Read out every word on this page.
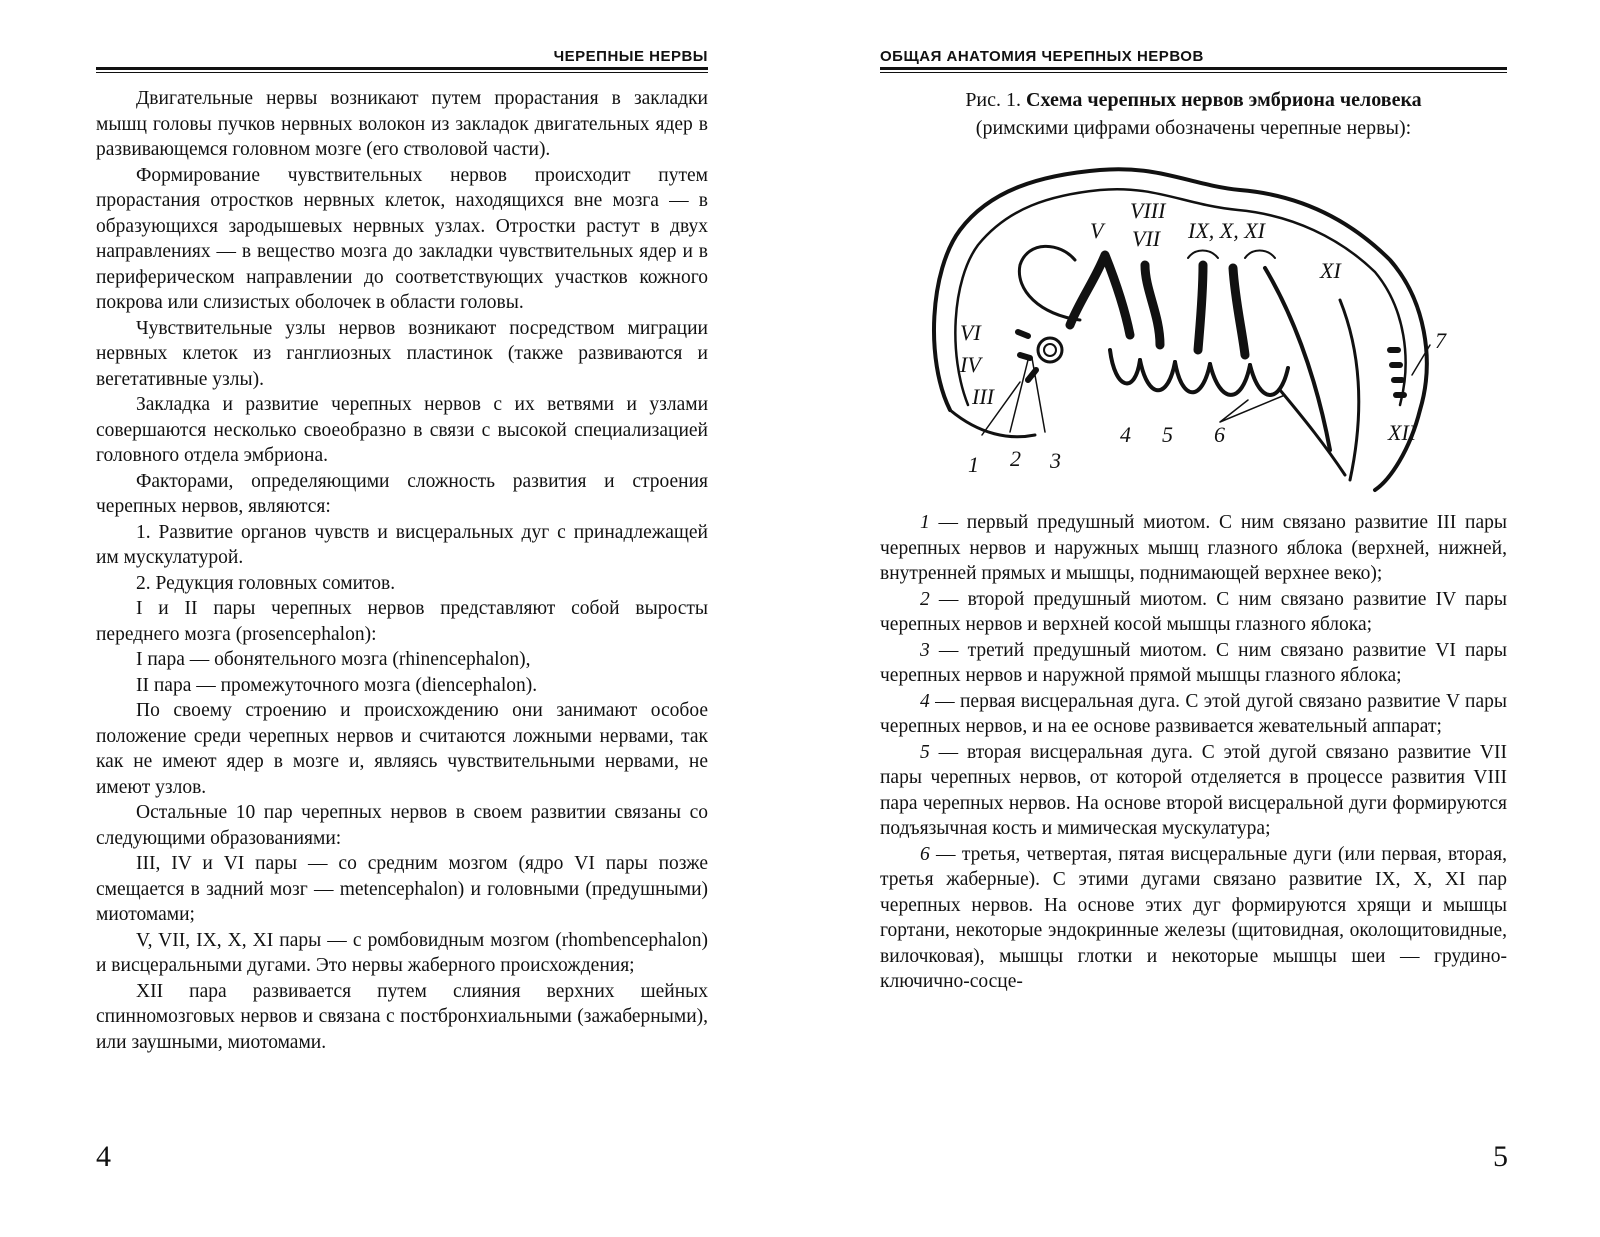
ЧЕРЕПНЫЕ НЕРВЫ

Двигательные нервы возникают путем прорастания в закладки мышц головы пучков нервных волокон из закладок двигательных ядер в развивающемся головном мозге (его стволовой части).

Формирование чувствительных нервов происходит путем прорастания отростков нервных клеток, находящихся вне мозга — в образующихся зародышевых нервных узлах. Отростки растут в двух направлениях — в вещество мозга до закладки чувствительных ядер и в периферическом направлении до соответствующих участков кожного покрова или слизистых оболочек в области головы.

Чувствительные узлы нервов возникают посредством миграции нервных клеток из ганглиозных пластинок (также развиваются и вегетативные узлы).

Закладка и развитие черепных нервов с их ветвями и узлами совершаются несколько своеобразно в связи с высокой специализацией головного отдела эмбриона.

Факторами, определяющими сложность развития и строения черепных нервов, являются:

1. Развитие органов чувств и висцеральных дуг с принадлежащей им мускулатурой.

2. Редукция головных сомитов.

I и II пары черепных нервов представляют собой выросты переднего мозга (prosencephalon):

I пара — обонятельного мозга (rhinencephalon),

II пара — промежуточного мозга (diencephalon).

По своему строению и происхождению они занимают особое положение среди черепных нервов и считаются ложными нервами, так как не имеют ядер в мозге и, являясь чувствительными нервами, не имеют узлов.

Остальные 10 пар черепных нервов в своем развитии связаны со следующими образованиями:

III, IV и VI пары — со средним мозгом (ядро VI пары позже смещается в задний мозг — metencephalon) и головными (предушными) миотомами;

V, VII, IX, X, XI пары — с ромбовидным мозгом (rhombencephalon) и висцеральными дугами. Это нервы жаберного происхождения;

XII пара развивается путем слияния верхних шейных спинномозговых нервов и связана с постбронхиальными (зажаберными), или заушными, миотомами.

4
ОБЩАЯ АНАТОМИЯ ЧЕРЕПНЫХ НЕРВОВ
Рис. 1. Схема черепных нервов эмбриона человека
(римскими цифрами обозначены черепные нервы):
V
VIII
VII IX, X, XI
XI
VI
IV
III
XII
1 2 3
4 5 6
7

1 — первый предушный миотом. С ним связано развитие III пары черепных нервов и наружных мышц глазного яблока (верхней, нижней, внутренней прямых и мышцы, поднимающей верхнее веко);

2 — второй предушный миотом. С ним связано развитие IV пары черепных нервов и верхней косой мышцы глазного яблока;

3 — третий предушный миотом. С ним связано развитие VI пары черепных нервов и наружной прямой мышцы глазного яблока;

4 — первая висцеральная дуга. С этой дугой связано развитие V пары черепных нервов, и на ее основе развивается жевательный аппарат;

5 — вторая висцеральная дуга. С этой дугой связано развитие VII пары черепных нервов, от которой отделяется в процессе развития VIII пара черепных нервов. На основе второй висцеральной дуги формируются подъязычная кость и мимическая мускулатура;

6 — третья, четвертая, пятая висцеральные дуги (или первая, вторая, третья жаберные). С этими дугами связано развитие IX, X, XI пар черепных нервов. На основе этих дуг формируются хрящи и мышцы гортани, некоторые эндокринные железы (щитовидная, околощитовидные, вилочковая), мышцы глотки и некоторые мышцы шеи — грудино-ключично-сосце-

5
